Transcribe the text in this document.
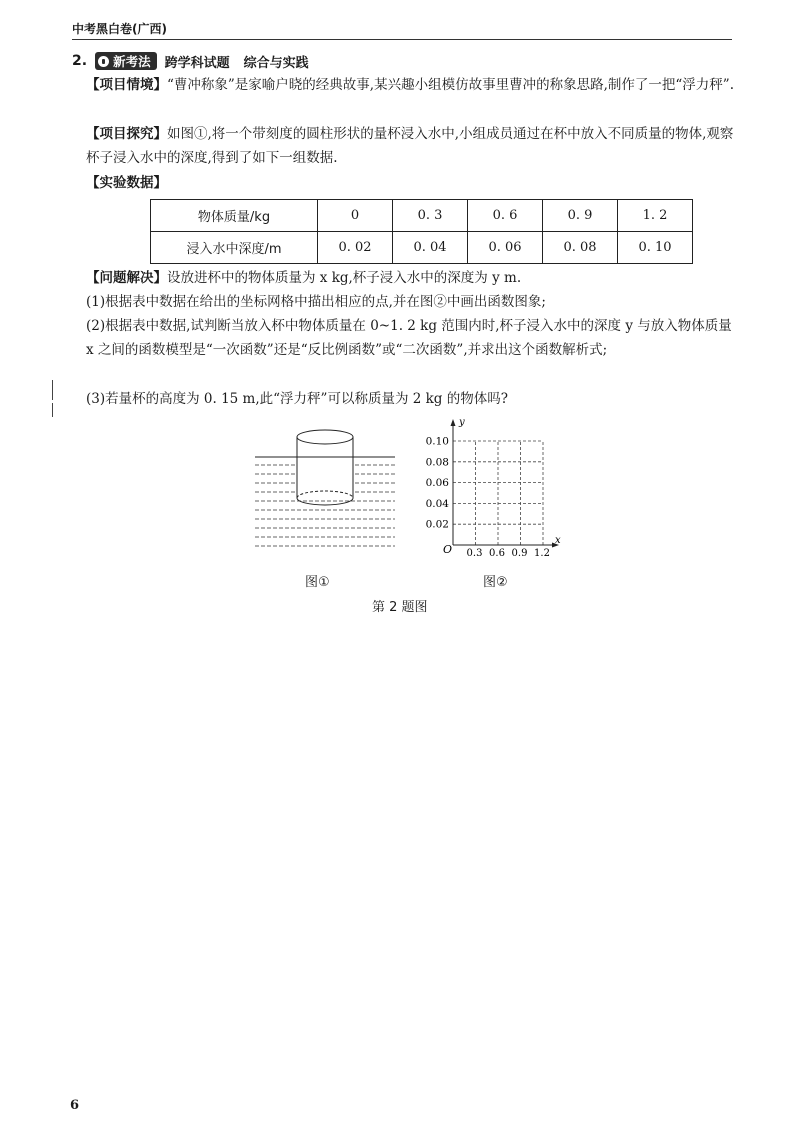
中考黑白卷(广西)
2. 新考法 跨学科试题 综合与实践
【项目情境】“曹冲称象”是家喻户晓的经典故事,某兴趣小组模仿故事里曹冲的称象思路,制作了一把“浮力秤”.
【项目探究】如图①,将一个带刻度的圆柱形状的量杯浸入水中,小组成员通过在杯中放入不同质量的物体,观察杯子浸入水中的深度,得到了如下一组数据.
【实验数据】
物体质量/kg	0	0. 3	0. 6	0. 9	1. 2
浸入水中深度/m	0. 02	0. 04	0. 06	0. 08	0. 10
【问题解决】设放进杯中的物体质量为 x kg,杯子浸入水中的深度为 y m.
(1)根据表中数据在给出的坐标网格中描出相应的点,并在图②中画出函数图象;
(2)根据表中数据,试判断当放入杯中物体质量在 0~1. 2 kg 范围内时,杯子浸入水中的深度 y 与放入物体质量 x 之间的函数模型是“一次函数”还是“反比例函数”或“二次函数”,并求出这个函数解析式;
(3)若量杯的高度为 0. 15 m,此“浮力秤”可以称质量为 2 kg 的物体吗?
图①
y
x
O
0.02
0.04
0.06
0.08
0.10
0.3 0.6 0.9 1.2
图②
第 2 题图
6
